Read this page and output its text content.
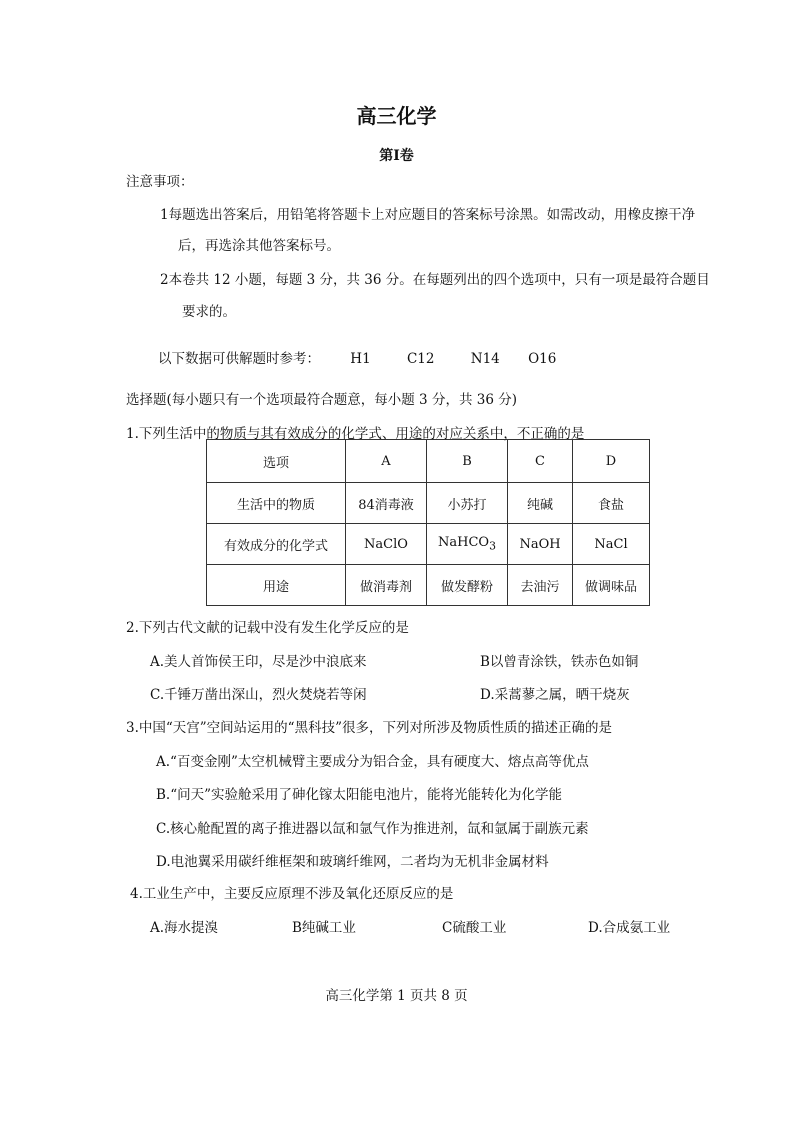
高三化学
第Ⅰ卷
注意事项：
1每题选出答案后，用铅笔将答题卡上对应题目的答案标号涂黑。如需改动，用橡皮擦干净
后，再选涂其他答案标号。
2本卷共 12 小题，每题 3 分，共 36 分。在每题列出的四个选项中，只有一项是最符合题目
要求的。
以下数据可供解题时参考： H1	C12	N14 O16
选择题(每小题只有一个选项最符合题意，每小题 3 分，共 36 分)
1.下列生活中的物质与其有效成分的化学式、用途的对应关系中，不正确的是
选项	A	B	C	D
生活中的物质	84消毒液	小苏打	纯碱	食盐
有效成分的化学式	NaClO	NaHCO$_3$	NaOH	NaCl
用途	做消毒剂	做发酵粉	去油污	做调味品
2.下列古代文献的记载中没有发生化学反应的是
A.美人首饰侯王印，尽是沙中浪底来	B以曾青涂铁，铁赤色如铜
C.千锤万凿出深山，烈火焚烧若等闲	D.采蒿蓼之属，晒干烧灰
3.中国“天宫”空间站运用的“黑科技”很多，下列对所涉及物质性质的描述正确的是
A.“百变金刚”太空机械臂主要成分为铝合金，具有硬度大、熔点高等优点
B.“问天”实验舱采用了砷化镓太阳能电池片，能将光能转化为化学能
C.核心舱配置的离子推进器以氙和氩气作为推进剂，氙和氩属于副族元素
D.电池翼采用碳纤维框架和玻璃纤维网，二者均为无机非金属材料
4.工业生产中，主要反应原理不涉及氧化还原反应的是
A.海水提溴	B纯碱工业	C硫酸工业	D.合成氨工业
高三化学第 1 页共 8 页
